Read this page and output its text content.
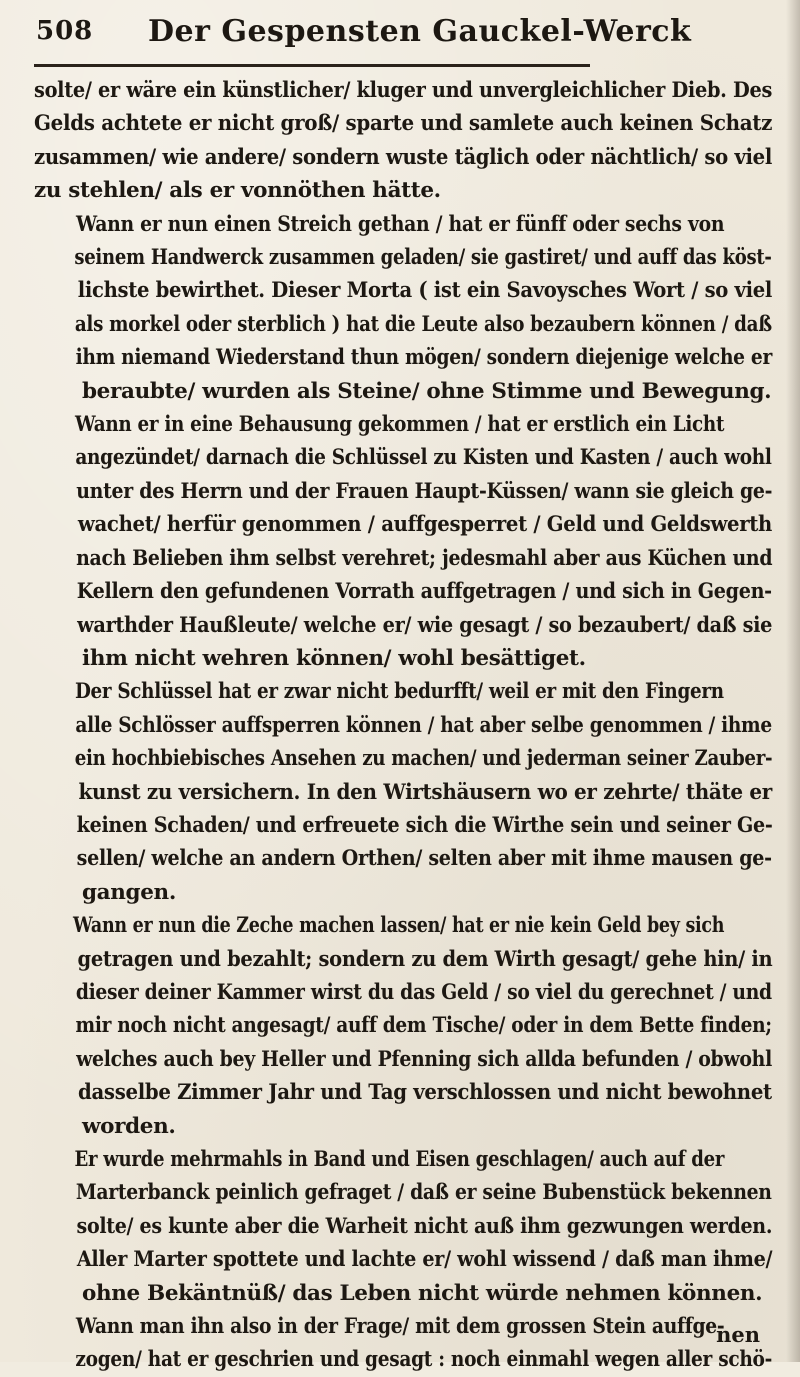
508 Der Gespensten Gauckel-Werck

solte/ er wäre ein künstlicher/ kluger und unvergleichlicher Dieb. Des
Gelds achtete er nicht groß/ sparte und samlete auch keinen Schatz
zusammen/ wie andere/ sondern wuste täglich oder nächtlich/ so viel
zu stehlen/ als er vonnöthen hätte.

Wann er nun einen Streich gethan / hat er fünff oder sechs von
seinem Handwerck zusammen geladen/ sie gastiret/ und auff das köst-
lichste bewirthet. Dieser Morta ( ist ein Savoysches Wort / so viel
als morkel oder sterblich ) hat die Leute also bezaubern können / daß
ihm niemand Wiederstand thun mögen/ sondern diejenige welche er
beraubte/ wurden als Steine/ ohne Stimme und Bewegung.

Wann er in eine Behausung gekommen / hat er erstlich ein Licht
angezündet/ darnach die Schlüssel zu Kisten und Kasten / auch wohl
unter des Herrn und der Frauen Haupt-Küssen/ wann sie gleich ge-
wachet/ herfür genommen / auffgesperret / Geld und Geldswerth
nach Belieben ihm selbst verehret; jedesmahl aber aus Küchen und
Kellern den gefundenen Vorrath auffgetragen / und sich in Gegen-
warthder Haußleute/ welche er/ wie gesagt / so bezaubert/ daß sie
ihm nicht wehren können/ wohl besättiget.

Der Schlüssel hat er zwar nicht bedurfft/ weil er mit den Fingern
alle Schlösser auffsperren können / hat aber selbe genommen / ihme
ein hochbiebisches Ansehen zu machen/ und jederman seiner Zauber-
kunst zu versichern. In den Wirtshäusern wo er zehrte/ thäte er
keinen Schaden/ und erfreuete sich die Wirthe sein und seiner Ge-
sellen/ welche an andern Orthen/ selten aber mit ihme mausen ge-
gangen.

Wann er nun die Zeche machen lassen/ hat er nie kein Geld bey sich
getragen und bezahlt; sondern zu dem Wirth gesagt/ gehe hin/ in
dieser deiner Kammer wirst du das Geld / so viel du gerechnet / und
mir noch nicht angesagt/ auff dem Tische/ oder in dem Bette finden;
welches auch bey Heller und Pfenning sich allda befunden / obwohl
dasselbe Zimmer Jahr und Tag verschlossen und nicht bewohnet
worden.

Er wurde mehrmahls in Band und Eisen geschlagen/ auch auf der
Marterbanck peinlich gefraget / daß er seine Bubenstück bekennen
solte/ es kunte aber die Warheit nicht auß ihm gezwungen werden.
Aller Marter spottete und lachte er/ wohl wissend / daß man ihme/
ohne Bekäntnüß/ das Leben nicht würde nehmen können.

Wann man ihn also in der Frage/ mit dem grossen Stein auffge-
zogen/ hat er geschrien und gesagt : noch einmahl wegen aller schö-

nen
